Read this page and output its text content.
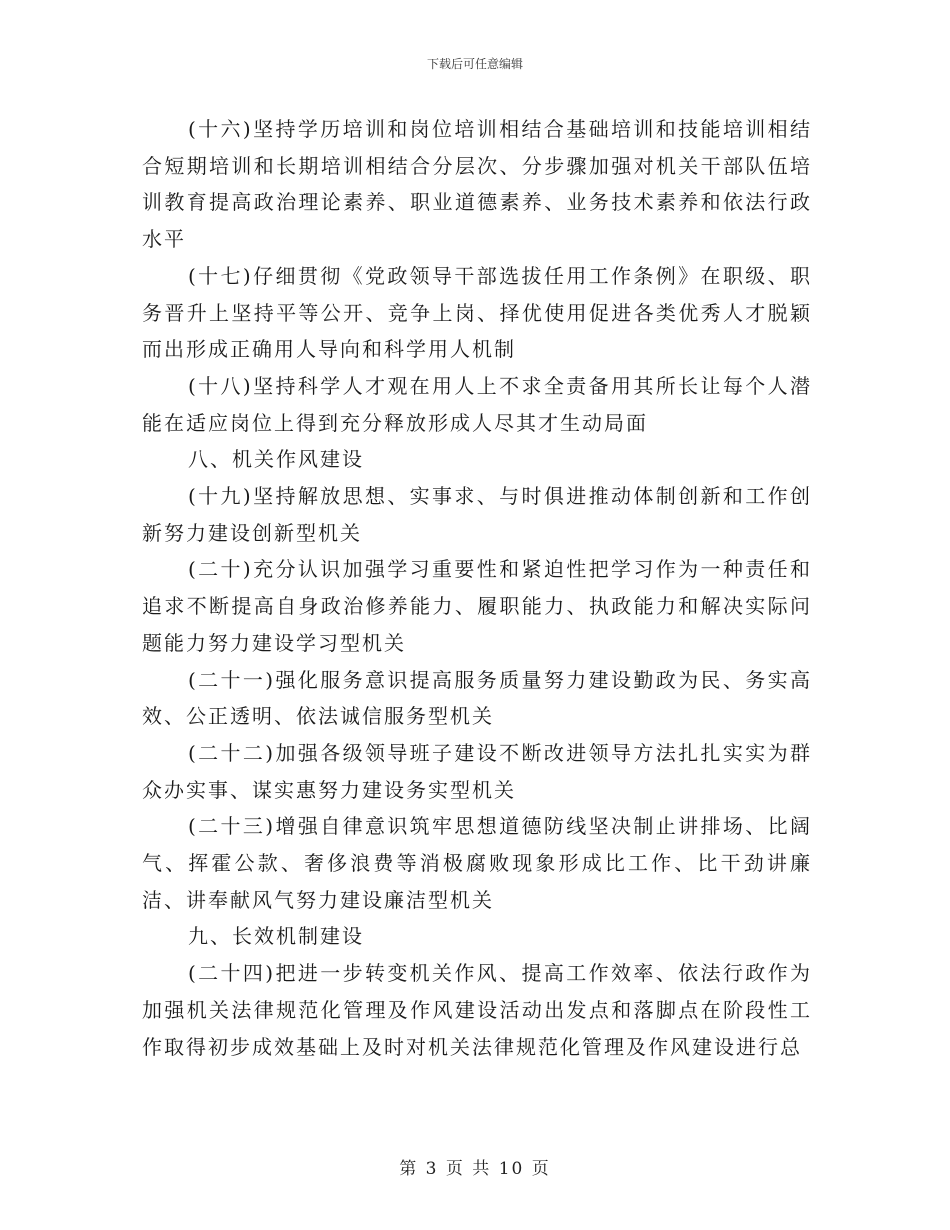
下载后可任意编辑

(十六)坚持学历培训和岗位培训相结合基础培训和技能培训相结合短期培训和长期培训相结合分层次、分步骤加强对机关干部队伍培训教育提高政治理论素养、职业道德素养、业务技术素养和依法行政水平

(十七)仔细贯彻《党政领导干部选拔任用工作条例》在职级、职务晋升上坚持平等公开、竞争上岗、择优使用促进各类优秀人才脱颖而出形成正确用人导向和科学用人机制

(十八)坚持科学人才观在用人上不求全责备用其所长让每个人潜能在适应岗位上得到充分释放形成人尽其才生动局面

八、机关作风建设

(十九)坚持解放思想、实事求、与时俱进推动体制创新和工作创新努力建设创新型机关

(二十)充分认识加强学习重要性和紧迫性把学习作为一种责任和追求不断提高自身政治修养能力、履职能力、执政能力和解决实际问题能力努力建设学习型机关

(二十一)强化服务意识提高服务质量努力建设勤政为民、务实高效、公正透明、依法诚信服务型机关

(二十二)加强各级领导班子建设不断改进领导方法扎扎实实为群众办实事、谋实惠努力建设务实型机关

(二十三)增强自律意识筑牢思想道德防线坚决制止讲排场、比阔气、挥霍公款、奢侈浪费等消极腐败现象形成比工作、比干劲讲廉洁、讲奉献风气努力建设廉洁型机关

九、长效机制建设

(二十四)把进一步转变机关作风、提高工作效率、依法行政作为加强机关法律规范化管理及作风建设活动出发点和落脚点在阶段性工作取得初步成效基础上及时对机关法律规范化管理及作风建设进行总

第 3 页 共 10 页
